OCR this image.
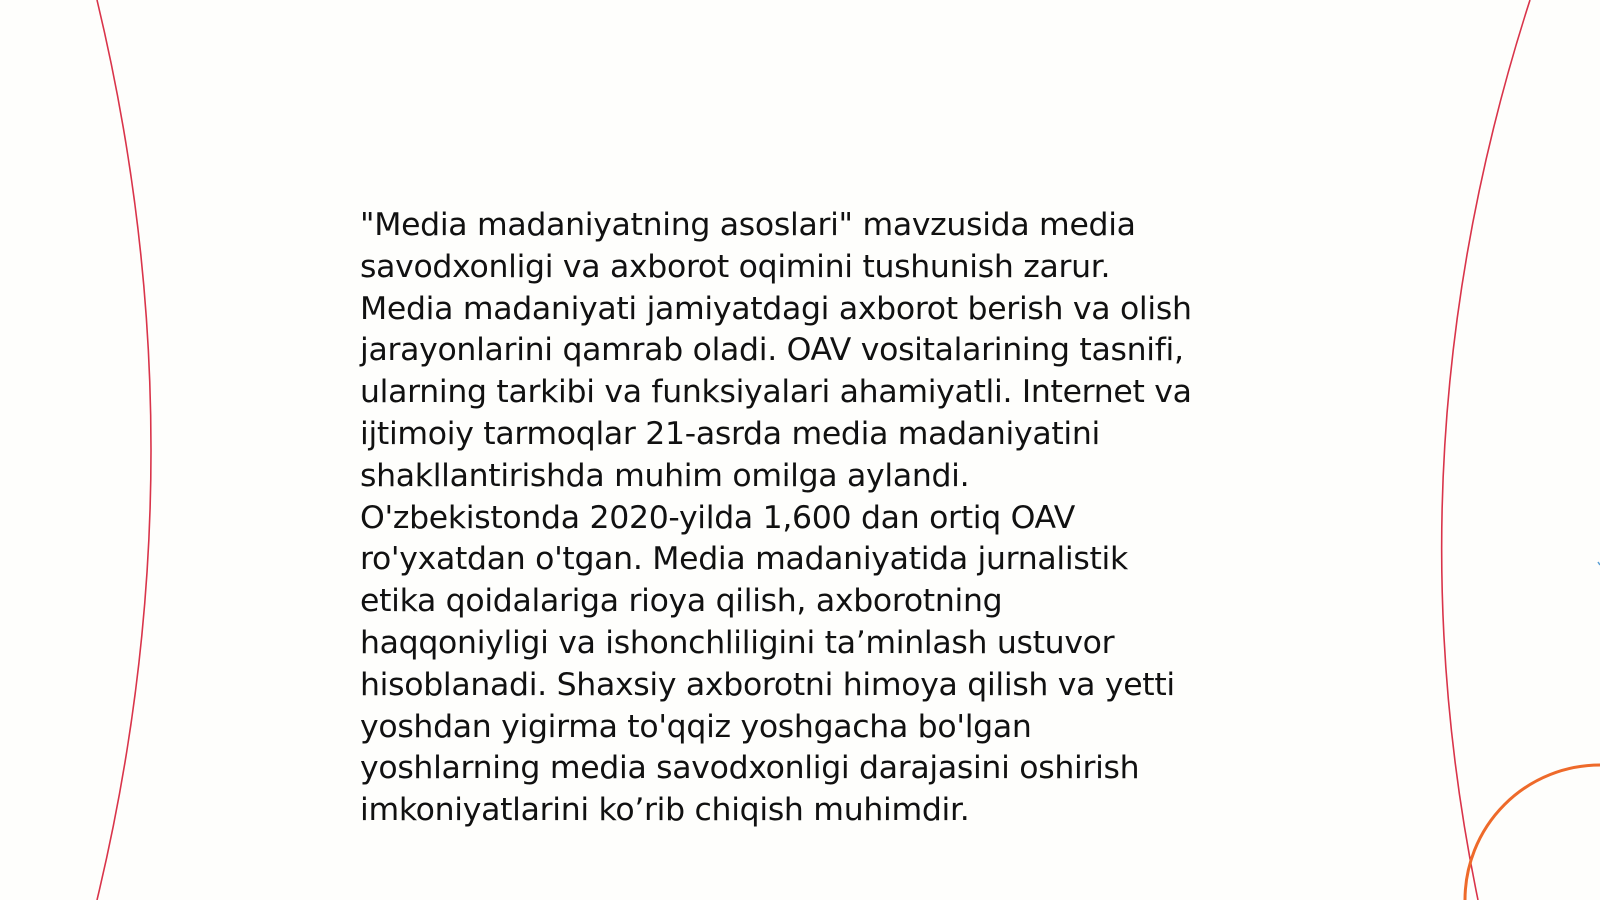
"Media madaniyatning asoslari" mavzusida media
savodxonligi va axborot oqimini tushunish zarur.
Media madaniyati jamiyatdagi axborot berish va olish
jarayonlarini qamrab oladi. OAV vositalarining tasnifi,
ularning tarkibi va funksiyalari ahamiyatli. Internet va
ijtimoiy tarmoqlar 21-asrda media madaniyatini
shakllantirishda muhim omilga aylandi.
O'zbekistonda 2020-yilda 1,600 dan ortiq OAV
ro'yxatdan o'tgan. Media madaniyatida jurnalistik
etika qoidalariga rioya qilish, axborotning
haqqoniyligi va ishonchliligini ta’minlash ustuvor
hisoblanadi. Shaxsiy axborotni himoya qilish va yetti
yoshdan yigirma to'qqiz yoshgacha bo'lgan
yoshlarning media savodxonligi darajasini oshirish
imkoniyatlarini ko’rib chiqish muhimdir.
